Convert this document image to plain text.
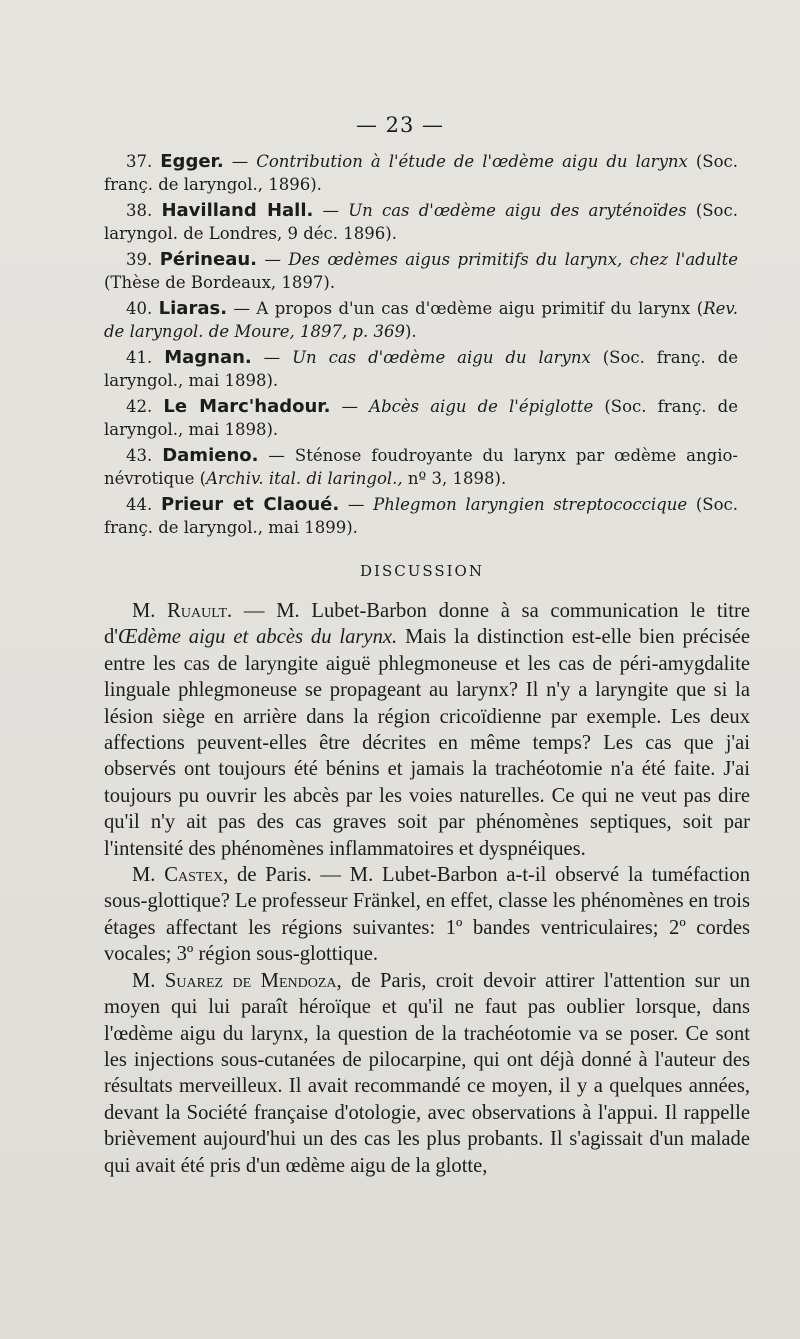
— 23 —

37. Egger. — Contribution à l'étude de l'œdème aigu du larynx (Soc. franç. de laryngol., 1896).

38. Havilland Hall. — Un cas d'œdème aigu des aryténoïdes (Soc. laryngol. de Londres, 9 déc. 1896).

39. Périneau. — Des œdèmes aigus primitifs du larynx, chez l'adulte (Thèse de Bordeaux, 1897).

40. Liaras. — A propos d'un cas d'œdème aigu primitif du larynx (Rev. de laryngol. de Moure, 1897, p. 369).

41. Magnan. — Un cas d'œdème aigu du larynx (Soc. franç. de laryngol., mai 1898).

42. Le Marc'hadour. — Abcès aigu de l'épiglotte (Soc. franç. de laryngol., mai 1898).

43. Damieno. — Sténose foudroyante du larynx par œdème angio-névrotique (Archiv. ital. di laringol., nº 3, 1898).

44. Prieur et Claoué. — Phlegmon laryngien streptococcique (Soc. franç. de laryngol., mai 1899).

DISCUSSION

M. Ruault. — M. Lubet-Barbon donne à sa communication le titre d'Œdème aigu et abcès du larynx. Mais la distinction est-elle bien précisée entre les cas de laryngite aiguë phlegmoneuse et les cas de péri-amygdalite linguale phlegmoneuse se propageant au larynx? Il n'y a laryngite que si la lésion siège en arrière dans la région cricoïdienne par exemple. Les deux affections peuvent-elles être décrites en même temps? Les cas que j'ai observés ont toujours été bénins et jamais la trachéotomie n'a été faite. J'ai toujours pu ouvrir les abcès par les voies naturelles. Ce qui ne veut pas dire qu'il n'y ait pas des cas graves soit par phénomènes septiques, soit par l'intensité des phénomènes inflammatoires et dyspnéiques.

M. Castex, de Paris. — M. Lubet-Barbon a-t-il observé la tuméfaction sous-glottique? Le professeur Fränkel, en effet, classe les phénomènes en trois étages affectant les régions suivantes: 1º bandes ventriculaires; 2º cordes vocales; 3º région sous-glottique.

M. Suarez de Mendoza, de Paris, croit devoir attirer l'attention sur un moyen qui lui paraît héroïque et qu'il ne faut pas oublier lorsque, dans l'œdème aigu du larynx, la question de la trachéotomie va se poser. Ce sont les injections sous-cutanées de pilocarpine, qui ont déjà donné à l'auteur des résultats merveilleux. Il avait recommandé ce moyen, il y a quelques années, devant la Société française d'otologie, avec observations à l'appui. Il rappelle brièvement aujourd'hui un des cas les plus probants. Il s'agissait d'un malade qui avait été pris d'un œdème aigu de la glotte,
